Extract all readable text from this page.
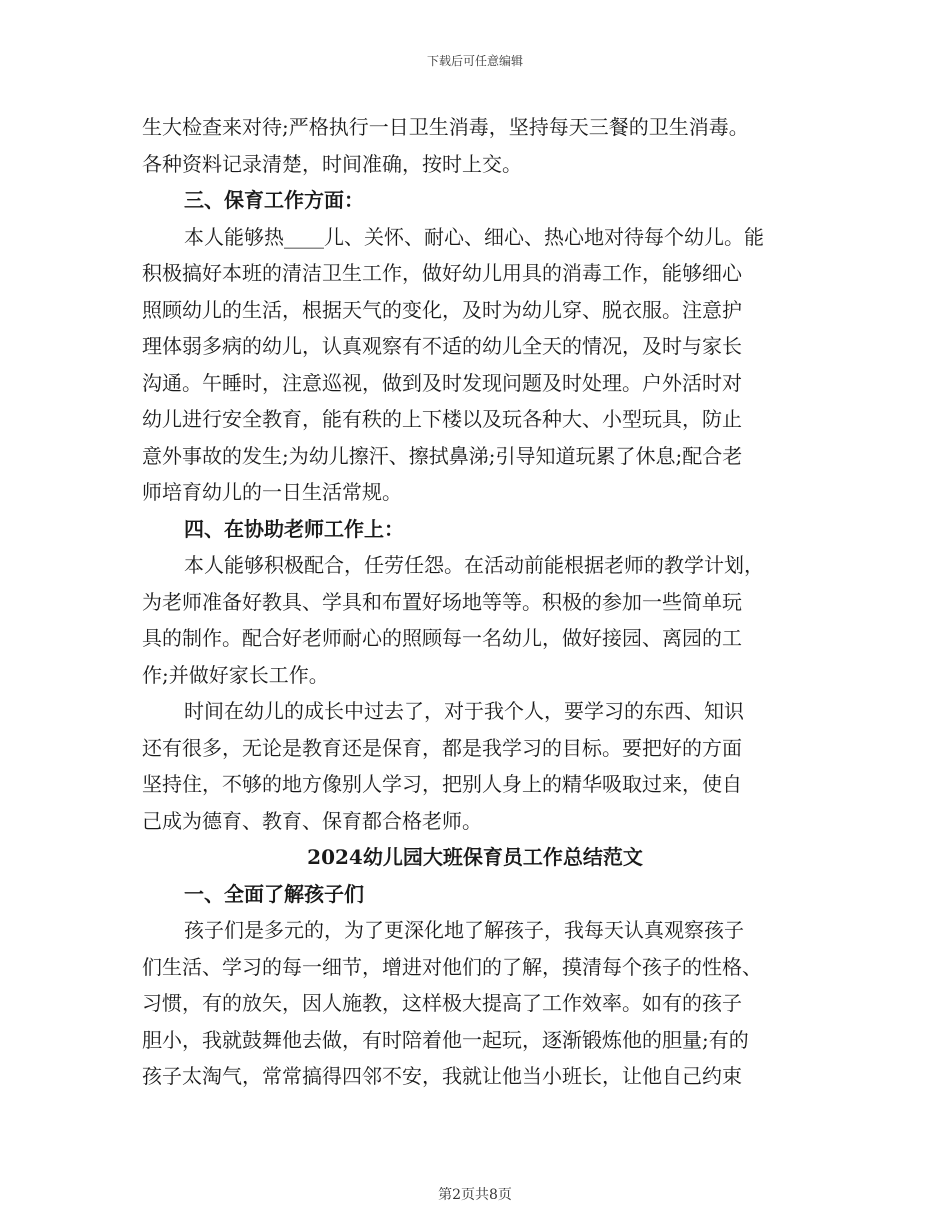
下载后可任意编辑
生大检查来对待;严格执行一日卫生消毒，坚持每天三餐的卫生消毒。
各种资料记录清楚，时间准确，按时上交。
三、保育工作方面：
本人能够热____儿、关怀、耐心、细心、热心地对待每个幼儿。能
积极搞好本班的清洁卫生工作，做好幼儿用具的消毒工作，能够细心
照顾幼儿的生活，根据天气的变化，及时为幼儿穿、脱衣服。注意护
理体弱多病的幼儿，认真观察有不适的幼儿全天的情况，及时与家长
沟通。午睡时，注意巡视，做到及时发现问题及时处理。户外活时对
幼儿进行安全教育，能有秩的上下楼以及玩各种大、小型玩具，防止
意外事故的发生;为幼儿擦汗、擦拭鼻涕;引导知道玩累了休息;配合老
师培育幼儿的一日生活常规。
四、在协助老师工作上：
本人能够积极配合，任劳任怨。在活动前能根据老师的教学计划，
为老师准备好教具、学具和布置好场地等等。积极的参加一些简单玩
具的制作。配合好老师耐心的照顾每一名幼儿，做好接园、离园的工
作;并做好家长工作。
时间在幼儿的成长中过去了，对于我个人，要学习的东西、知识
还有很多，无论是教育还是保育，都是我学习的目标。要把好的方面
坚持住，不够的地方像别人学习，把别人身上的精华吸取过来，使自
己成为德育、教育、保育都合格老师。
2024幼儿园大班保育员工作总结范文
一、全面了解孩子们
孩子们是多元的，为了更深化地了解孩子，我每天认真观察孩子
们生活、学习的每一细节，增进对他们的了解，摸清每个孩子的性格、
习惯，有的放矢，因人施教，这样极大提高了工作效率。如有的孩子
胆小，我就鼓舞他去做，有时陪着他一起玩，逐渐锻炼他的胆量;有的
孩子太淘气，常常搞得四邻不安，我就让他当小班长，让他自己约束
第2页共8页
